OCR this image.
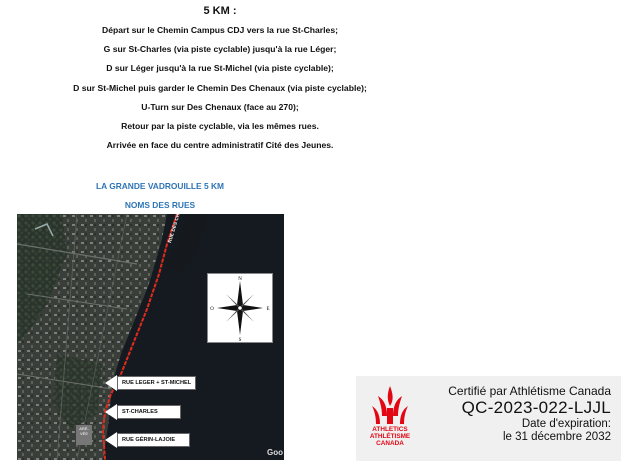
5 KM :
Départ sur le Chemin Campus CDJ vers la rue St-Charles;
G sur St-Charles (via piste cyclable) jusqu'à la rue Léger;
D sur Léger jusqu'à la rue St-Michel (via piste cyclable);
D sur St-Michel puis garder le Chemin Des Chenaux (via piste cyclable);
U-Turn sur Des Chenaux (face au 270);
Retour par la piste cyclable, via les mêmes rues.
Arrivée en face du centre administratif Cité des Jeunes.
LA GRANDE VADROUILLE 5 KM
NOMS DES RUES
Goo
N
S
E
O
RUE LEGER + ST-MICHEL
ST-CHARLES
RUE GÉRIN-LAJOIE
ARÉ- VÉE
ATHLETICS
ATHLÉTISME
CANADA
Certifié par Athlétisme Canada
QC-2023-022-LJJL
Date d'expiration:
le 31 décembre 2032
